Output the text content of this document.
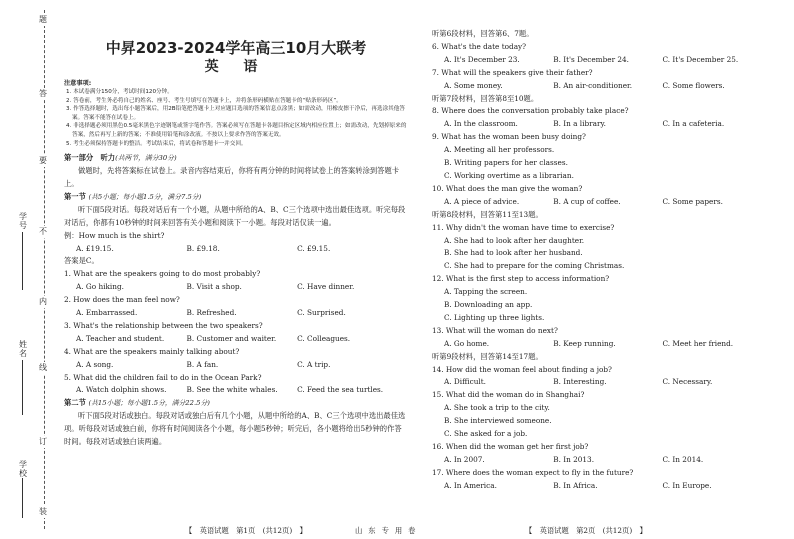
题
答
要
不
内
线
订
装
学号
姓名
学校
中昇2023-2024学年高三10月大联考
英 语
注意事项:
1. 本试卷满分150分，考试时间120分钟。
2. 答卷前，考生务必将自己的姓名、座号、考生号填写在答题卡上，并将条形码横贴在答题卡的“贴条形码区”。
3. 作答选择题时，选出每小题答案后，用2B铅笔把答题卡上对应题目选项的答案信息点涂黑；如需改动，用橡皮擦干净后，再选涂其他答案。答案不能答在试卷上。
4. 非选择题必须用黑色0.5毫米黑色字迹钢笔或签字笔作答。答案必须写在答题卡各题目指定区域内相应位置上；如需改动，先划掉原来的答案，然后再写上新的答案；不准使用铅笔和涂改液。不按以上要求作答的答案无效。
5. 考生必须保持答题卡的整洁。考试结束后，将试卷和答题卡一并交回。
第一部分　听力(共两节，满分30分)
做题时，先将答案标在试卷上。录音内容结束后，你将有两分钟的时间将试卷上的答案转涂到答题卡上。
第一节 (共5小题；每小题1.5分，满分7.5分)
听下面5段对话。每段对话后有一个小题，从题中所给的A、B、C三个选项中选出最佳选项。听完每段对话后，你都有10秒钟的时间来回答有关小题和阅读下一小题。每段对话仅读一遍。
例：How much is the shirt?
A. £19.15.	B. £9.18.	C. £9.15.
答案是C。
1. What are the speakers going to do most probably?
A. Go hiking.	B. Visit a shop.	C. Have dinner.
2. How does the man feel now?
A. Embarrassed.	B. Refreshed.	C. Surprised.
3. What's the relationship between the two speakers?
A. Teacher and student.	B. Customer and waiter.	C. Colleagues.
4. What are the speakers mainly talking about?
A. A song.	B. A fan.	C. A trip.
5. What did the children fail to do in the Ocean Park?
A. Watch dolphin shows.	B. See the white whales.	C. Feed the sea turtles.
第二节 (共15小题；每小题1.5分，满分22.5分)
听下面5段对话或独白。每段对话或独白后有几个小题，从题中所给的A、B、C三个选项中选出最佳选项。听每段对话或独白前，你将有时间阅读各个小题，每小题5秒钟；听完后，各小题将给出5秒钟的作答时间。每段对话或独白读两遍。
听第6段材料，回答第6、7题。
6. What's the date today?
A. It's December 23.	B. It's December 24.	C. It's December 25.
7. What will the speakers give their father?
A. Some money.	B. An air-conditioner.	C. Some flowers.
听第7段材料，回答第8至10题。
8. Where does the conversation probably take place?
A. In the classroom.	B. In a library.	C. In a cafeteria.
9. What has the woman been busy doing?
A. Meeting all her professors.
B. Writing papers for her classes.
C. Working overtime as a librarian.
10. What does the man give the woman?
A. A piece of advice.	B. A cup of coffee.	C. Some papers.
听第8段材料，回答第11至13题。
11. Why didn't the woman have time to exercise?
A. She had to look after her daughter.
B. She had to look after her husband.
C. She had to prepare for the coming Christmas.
12. What is the first step to access information?
A. Tapping the screen.
B. Downloading an app.
C. Lighting up three lights.
13. What will the woman do next?
A. Go home.	B. Keep running.	C. Meet her friend.
听第9段材料，回答第14至17题。
14. How did the woman feel about finding a job?
A. Difficult.	B. Interesting.	C. Necessary.
15. What did the woman do in Shanghai?
A. She took a trip to the city.
B. She interviewed someone.
C. She asked for a job.
16. When did the woman get her first job?
A. In 2007.	B. In 2013.	C. In 2014.
17. Where does the woman expect to fly in the future?
A. In America.	B. In Africa.	C. In Europe.
【　英语试题　第1页　(共12页)　】	山东专用卷	【　英语试题　第2页　(共12页)　】
